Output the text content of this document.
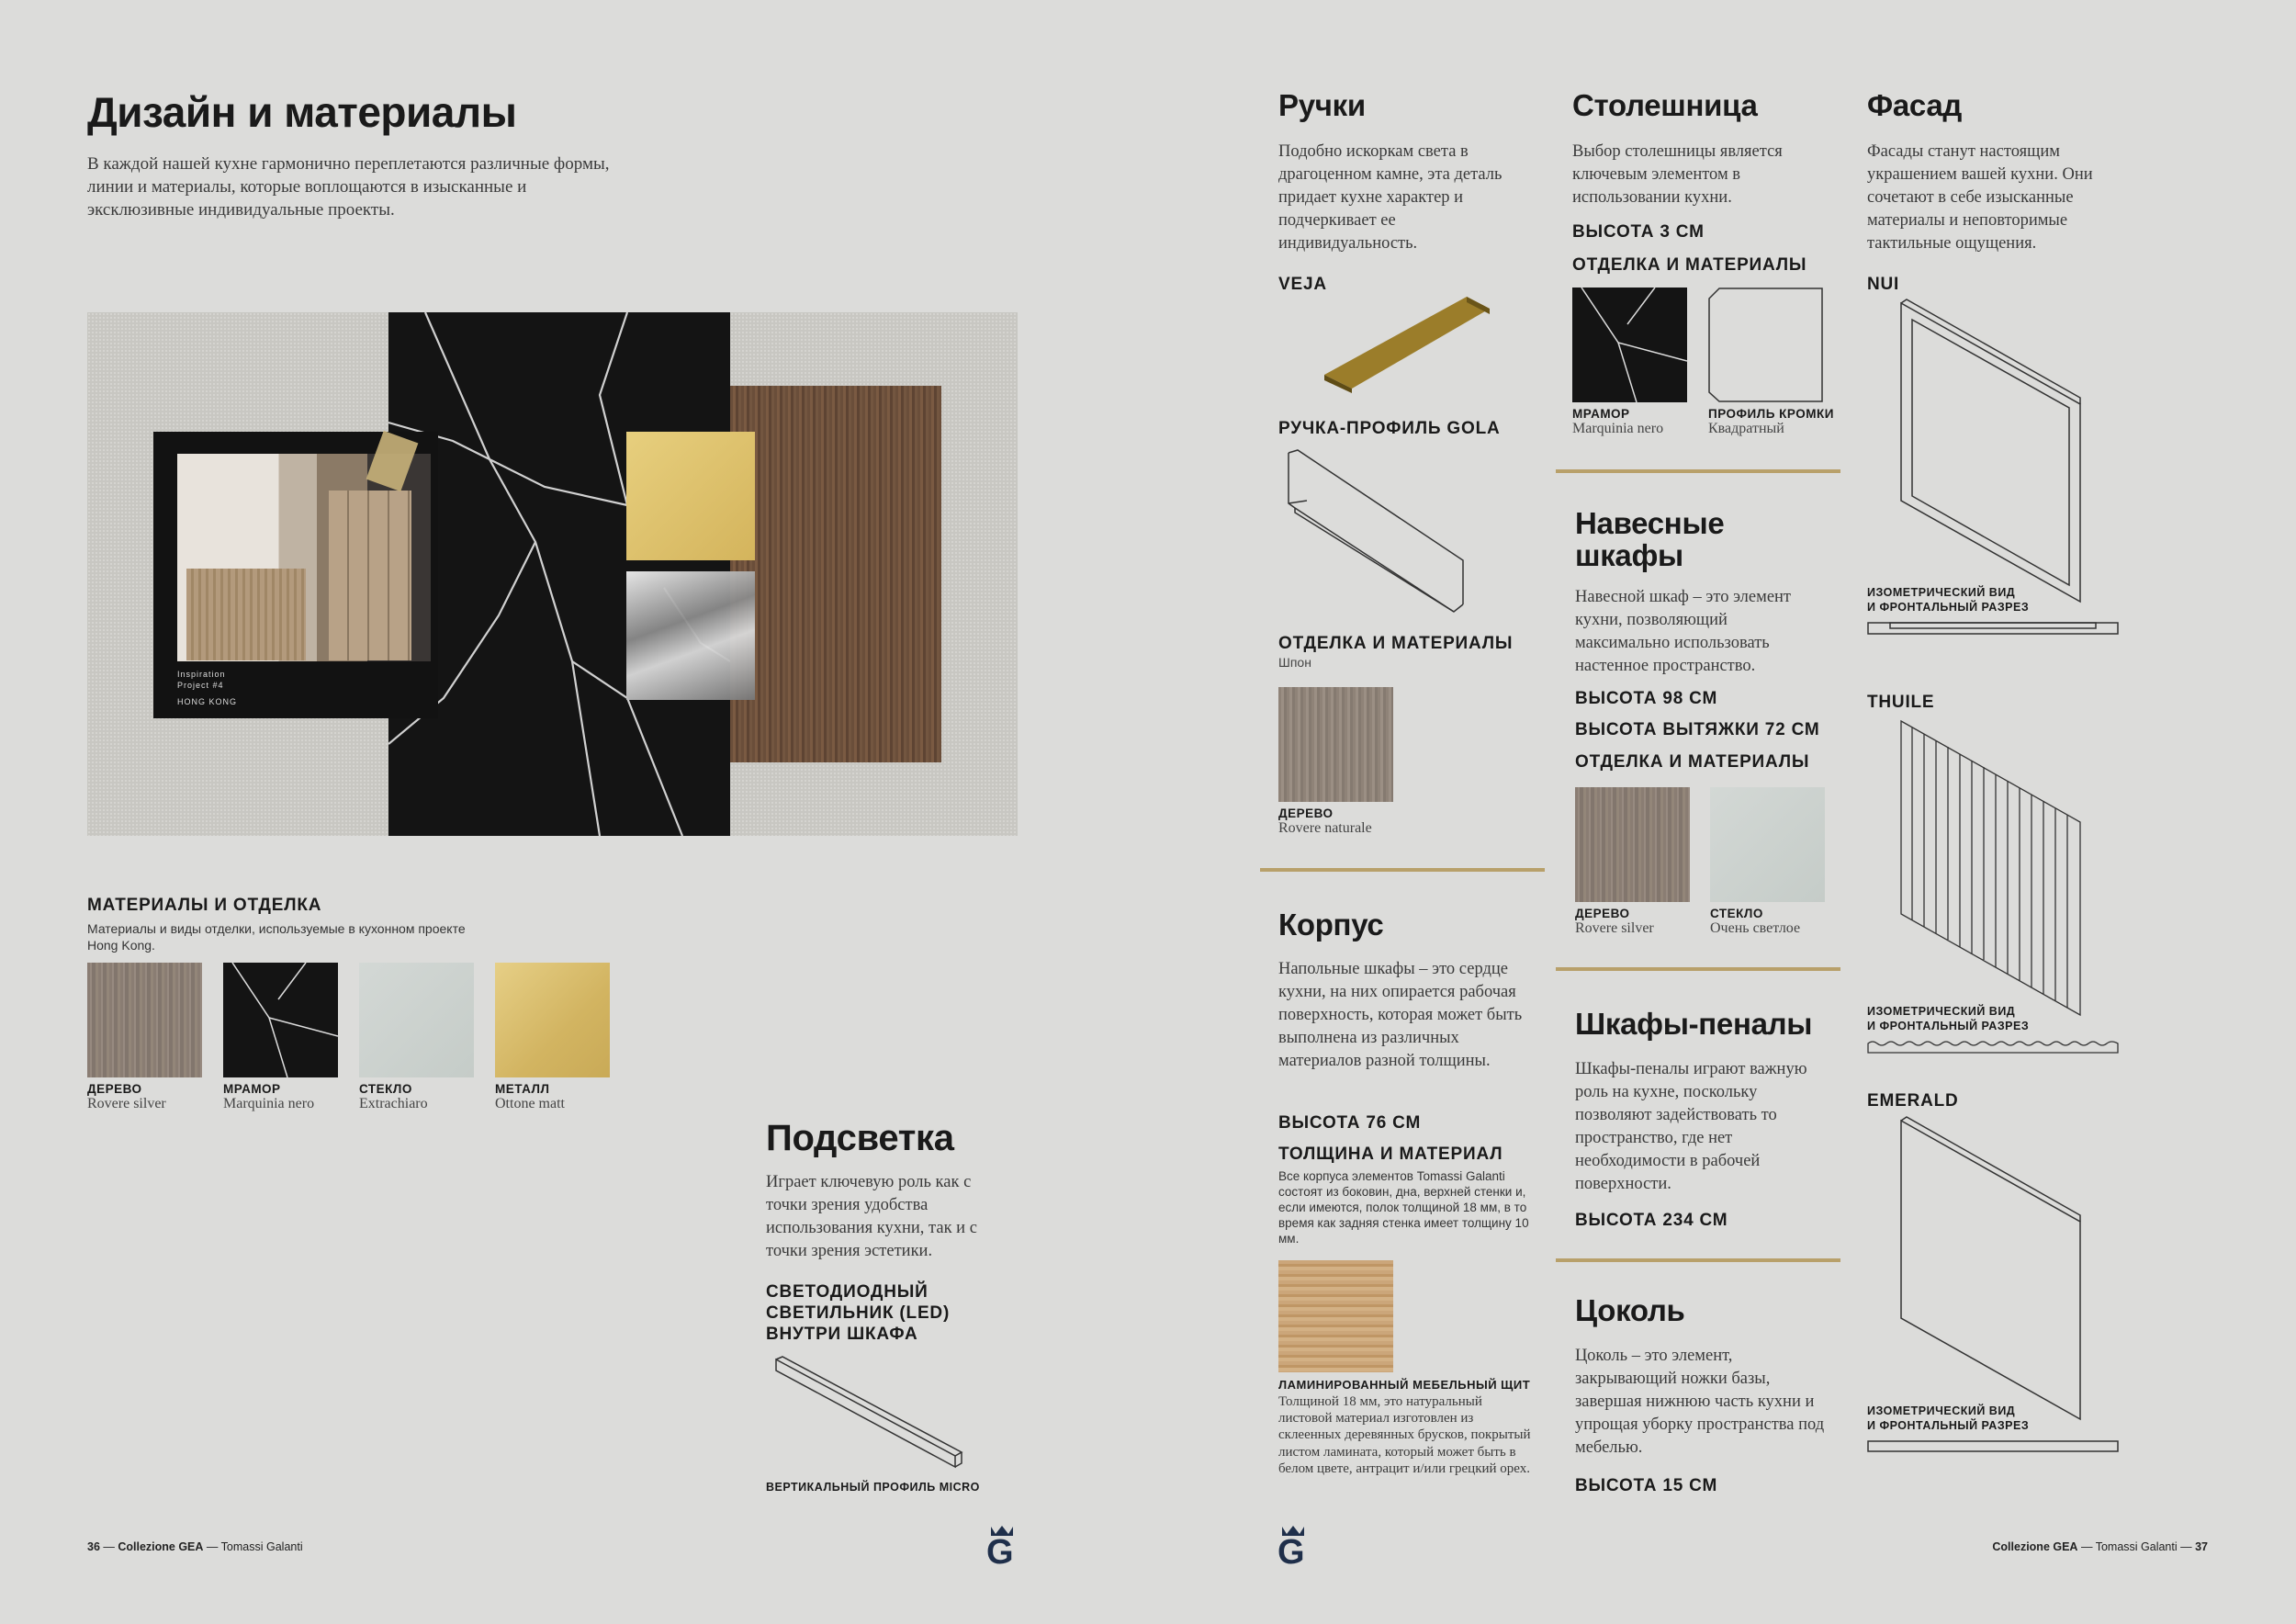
Дизайн и материалы
В каждой нашей кухне гармонично переплетаются различные формы, линии и материалы, которые воплощаются в изысканные и эксклюзивные индивидуальные проекты.
Inspiration
Project #4
HONG KONG
МАТЕРИАЛЫ И ОТДЕЛКА
Материалы и виды отделки, используемые в кухонном проекте Hong Kong.
ДЕРЕВО
Rovere silver
МРАМОР
Marquinia nero
СТЕКЛО
Extrachiaro
МЕТАЛЛ
Ottone matt
Подсветка
Играет ключевую роль как с точки зрения удобства использования кухни, так и с точки зрения эстетики.
СВЕТОДИОДНЫЙ СВЕТИЛЬНИК (LED) ВНУТРИ ШКАФА
ВЕРТИКАЛЬНЫЙ ПРОФИЛЬ MICRO
36 — Collezione GEA — Tomassi Galanti	G	G
Ручки
Подобно искоркам света в драгоценном камне, эта деталь придает кухне характер и подчеркивает ее индивидуальность.
VEJA
РУЧКА-ПРОФИЛЬ GOLA
ОТДЕЛКА И МАТЕРИАЛЫ
Шпон
ДЕРЕВО
Rovere naturale
Корпус
Напольные шкафы – это сердце кухни, на них опирается рабочая поверхность, которая может быть выполнена из различных материалов разной толщины.
ВЫСОТА 76 СМ
ТОЛЩИНА И МАТЕРИАЛ
Все корпуса элементов Tomassi Galanti состоят из боковин, дна, верхней стенки и, если имеются, полок толщиной 18 мм, в то время как задняя стенка имеет толщину 10 мм.
ЛАМИНИРОВАННЫЙ МЕБЕЛЬНЫЙ ЩИТ
Толщиной 18 мм, это натуральный листовой материал изготовлен из склеенных деревянных брусков, покрытый листом ламината, который может быть в белом цвете, антрацит и/или грецкий орех.
Столешница
Выбор столешницы является ключевым элементом в использовании кухни.
ВЫСОТА 3 СМ
ОТДЕЛКА И МАТЕРИАЛЫ
МРАМОР
Marquinia nero
ПРОФИЛЬ КРОМКИ
Квадратный
Навесные шкафы
Навесной шкаф – это элемент кухни, позволяющий максимально использовать настенное пространство.
ВЫСОТА 98 СМ
ВЫСОТА ВЫТЯЖКИ 72 СМ
ОТДЕЛКА И МАТЕРИАЛЫ
ДЕРЕВО
Rovere silver
СТЕКЛО
Очень светлое
Шкафы-пеналы
Шкафы-пеналы играют важную роль на кухне, поскольку позволяют задействовать то пространство, где нет необходимости в рабочей поверхности.
ВЫСОТА 234 СМ
Цоколь
Цоколь – это элемент, закрывающий ножки базы, завершая нижнюю часть кухни и упрощая уборку пространства под мебелью.
ВЫСОТА 15 СМ
Фасад
Фасады станут настоящим украшением вашей кухни. Они сочетают в себе изысканные материалы и неповторимые тактильные ощущения.
NUI
ИЗОМЕТРИЧЕСКИЙ ВИД
И ФРОНТАЛЬНЫЙ РАЗРЕЗ
THUILE
ИЗОМЕТРИЧЕСКИЙ ВИД
И ФРОНТАЛЬНЫЙ РАЗРЕЗ
EMERALD
ИЗОМЕТРИЧЕСКИЙ ВИД
И ФРОНТАЛЬНЫЙ РАЗРЕЗ
Collezione GEA — Tomassi Galanti — 37
